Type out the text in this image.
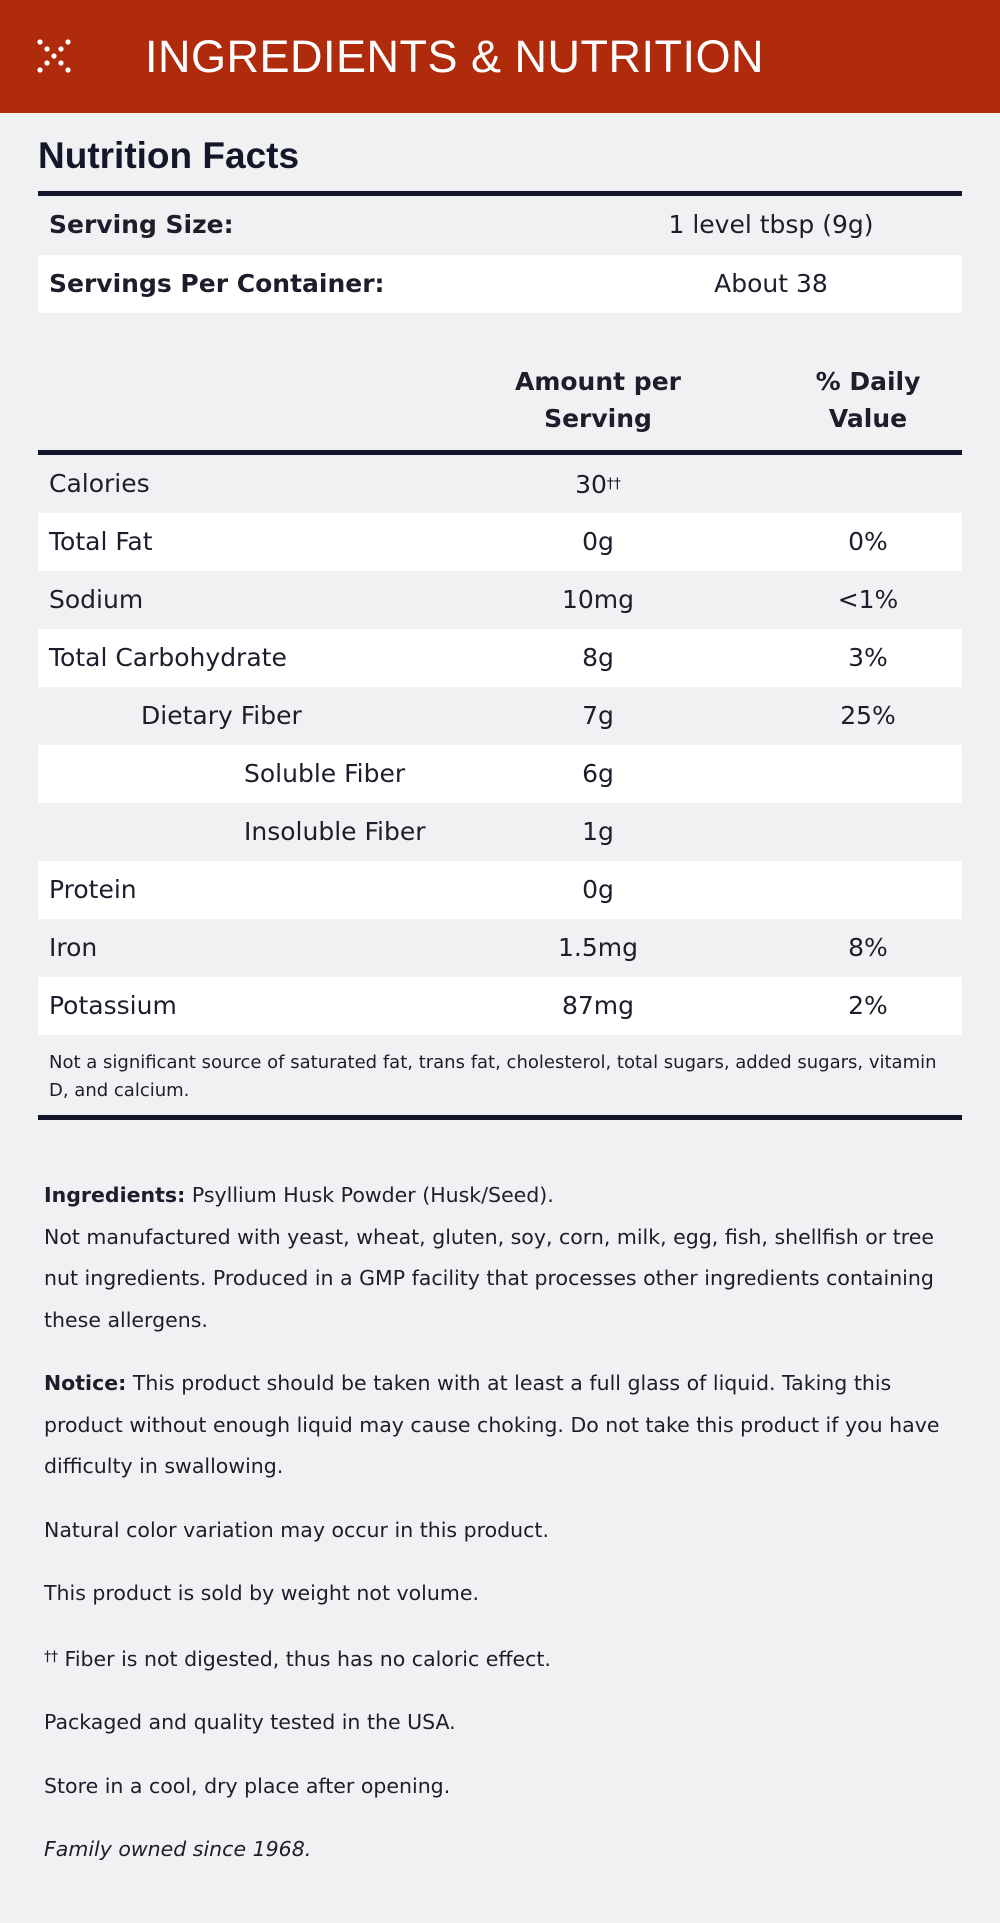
INGREDIENTS & NUTRITION
Nutrition Facts
Serving Size:	1 level tbsp (9g)
Servings Per Container:	About 38
Amount per
Serving
% Daily
Value
Calories	30††
Total Fat	0g	0%
Sodium	10mg	<1%
Total Carbohydrate	8g	3%
Dietary Fiber	7g	25%
Soluble Fiber	6g
Insoluble Fiber	1g
Protein	0g
Iron	1.5mg	8%
Potassium	87mg	2%
Not a significant source of saturated fat, trans fat, cholesterol, total sugars, added sugars, vitamin D, and calcium.

Ingredients: Psyllium Husk Powder (Husk/Seed).

Not manufactured with yeast, wheat, gluten, soy, corn, milk, egg, fish, shellfish or tree nut ingredients. Produced in a GMP facility that processes other ingredients containing these allergens.

Notice: This product should be taken with at least a full glass of liquid. Taking this product without enough liquid may cause choking. Do not take this product if you have difficulty in swallowing.

Natural color variation may occur in this product.

This product is sold by weight not volume.

†† Fiber is not digested, thus has no caloric effect.

Packaged and quality tested in the USA.

Store in a cool, dry place after opening.

Family owned since 1968.
